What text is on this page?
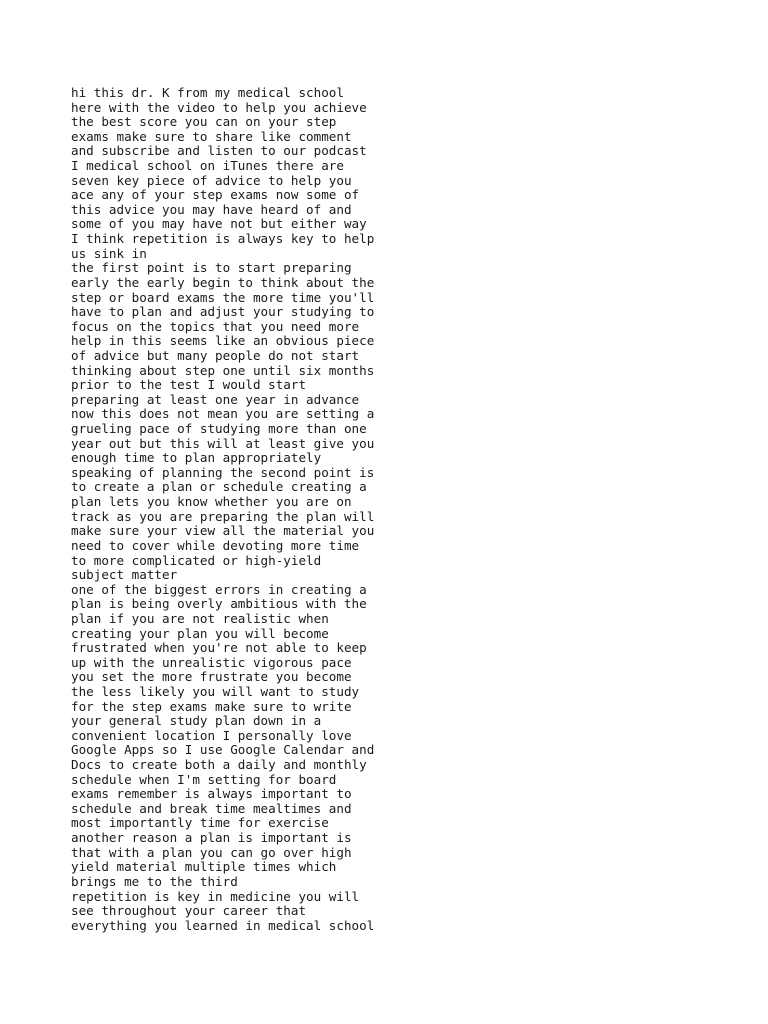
hi this dr. K from my medical school
here with the video to help you achieve
the best score you can on your step
exams make sure to share like comment
and subscribe and listen to our podcast
I medical school on iTunes there are
seven key piece of advice to help you
ace any of your step exams now some of
this advice you may have heard of and
some of you may have not but either way
I think repetition is always key to help
us sink in
the first point is to start preparing
early the early begin to think about the
step or board exams the more time you'll
have to plan and adjust your studying to
focus on the topics that you need more
help in this seems like an obvious piece
of advice but many people do not start
thinking about step one until six months
prior to the test I would start
preparing at least one year in advance
now this does not mean you are setting a
grueling pace of studying more than one
year out but this will at least give you
enough time to plan appropriately
speaking of planning the second point is
to create a plan or schedule creating a
plan lets you know whether you are on
track as you are preparing the plan will
make sure your view all the material you
need to cover while devoting more time
to more complicated or high-yield
subject matter
one of the biggest errors in creating a
plan is being overly ambitious with the
plan if you are not realistic when
creating your plan you will become
frustrated when you're not able to keep
up with the unrealistic vigorous pace
you set the more frustrate you become
the less likely you will want to study
for the step exams make sure to write
your general study plan down in a
convenient location I personally love
Google Apps so I use Google Calendar and
Docs to create both a daily and monthly
schedule when I'm setting for board
exams remember is always important to
schedule and break time mealtimes and
most importantly time for exercise
another reason a plan is important is
that with a plan you can go over high
yield material multiple times which
brings me to the third
repetition is key in medicine you will
see throughout your career that
everything you learned in medical school
